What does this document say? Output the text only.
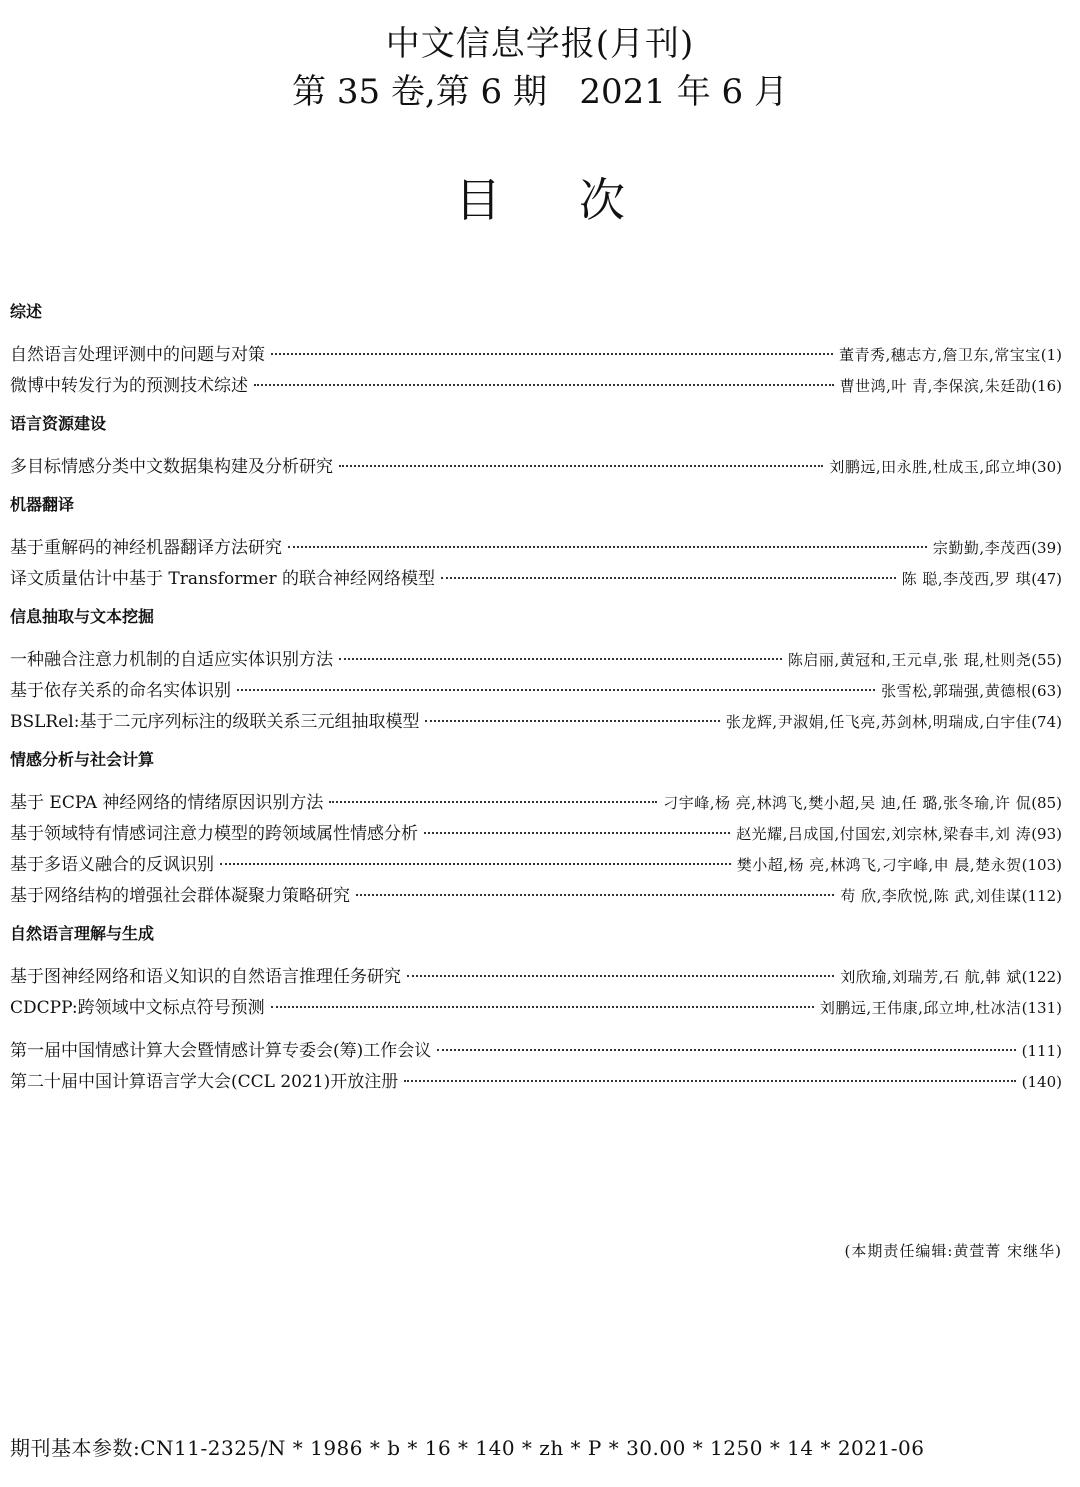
中文信息学报(月刊)
第 35 卷,第 6 期   2021 年 6 月
目次
综述
自然语言处理评测中的问题与对策	董青秀,穗志方,詹卫东,常宝宝 (1)
微博中转发行为的预测技术综述	曹世鸿,叶 青,李保滨,朱廷劭 (16)
语言资源建设
多目标情感分类中文数据集构建及分析研究	刘鹏远,田永胜,杜成玉,邱立坤 (30)
机器翻译
基于重解码的神经机器翻译方法研究	宗勤勤,李茂西 (39)
译文质量估计中基于 Transformer 的联合神经网络模型	陈 聪,李茂西,罗 琪 (47)
信息抽取与文本挖掘
一种融合注意力机制的自适应实体识别方法	陈启丽,黄冠和,王元卓,张 琨,杜则尧 (55)
基于依存关系的命名实体识别	张雪松,郭瑞强,黄德根 (63)
BSLRel:基于二元序列标注的级联关系三元组抽取模型	张龙辉,尹淑娟,任飞亮,苏剑林,明瑞成,白宇佳 (74)
情感分析与社会计算
基于 ECPA 神经网络的情绪原因识别方法	刁宇峰,杨 亮,林鸿飞,樊小超,吴 迪,任 璐,张冬瑜,许 侃 (85)
基于领域特有情感词注意力模型的跨领域属性情感分析	赵光耀,吕成国,付国宏,刘宗林,梁春丰,刘 涛 (93)
基于多语义融合的反讽识别	樊小超,杨 亮,林鸿飞,刁宇峰,申 晨,楚永贺 (103)
基于网络结构的增强社会群体凝聚力策略研究	苟 欣,李欣悦,陈 武,刘佳谋 (112)
自然语言理解与生成
基于图神经网络和语义知识的自然语言推理任务研究	刘欣瑜,刘瑞芳,石 航,韩 斌 (122)
CDCPP:跨领域中文标点符号预测	刘鹏远,王伟康,邱立坤,杜冰洁 (131)
第一届中国情感计算大会暨情感计算专委会(筹)工作会议	(111)
第二十届中国计算语言学大会(CCL 2021)开放注册	(140)
(本期责任编辑:黄萱菁 宋继华)
期刊基本参数:CN11-2325/N * 1986 * b * 16 * 140 * zh * P * 30.00 * 1250 * 14 * 2021-06
